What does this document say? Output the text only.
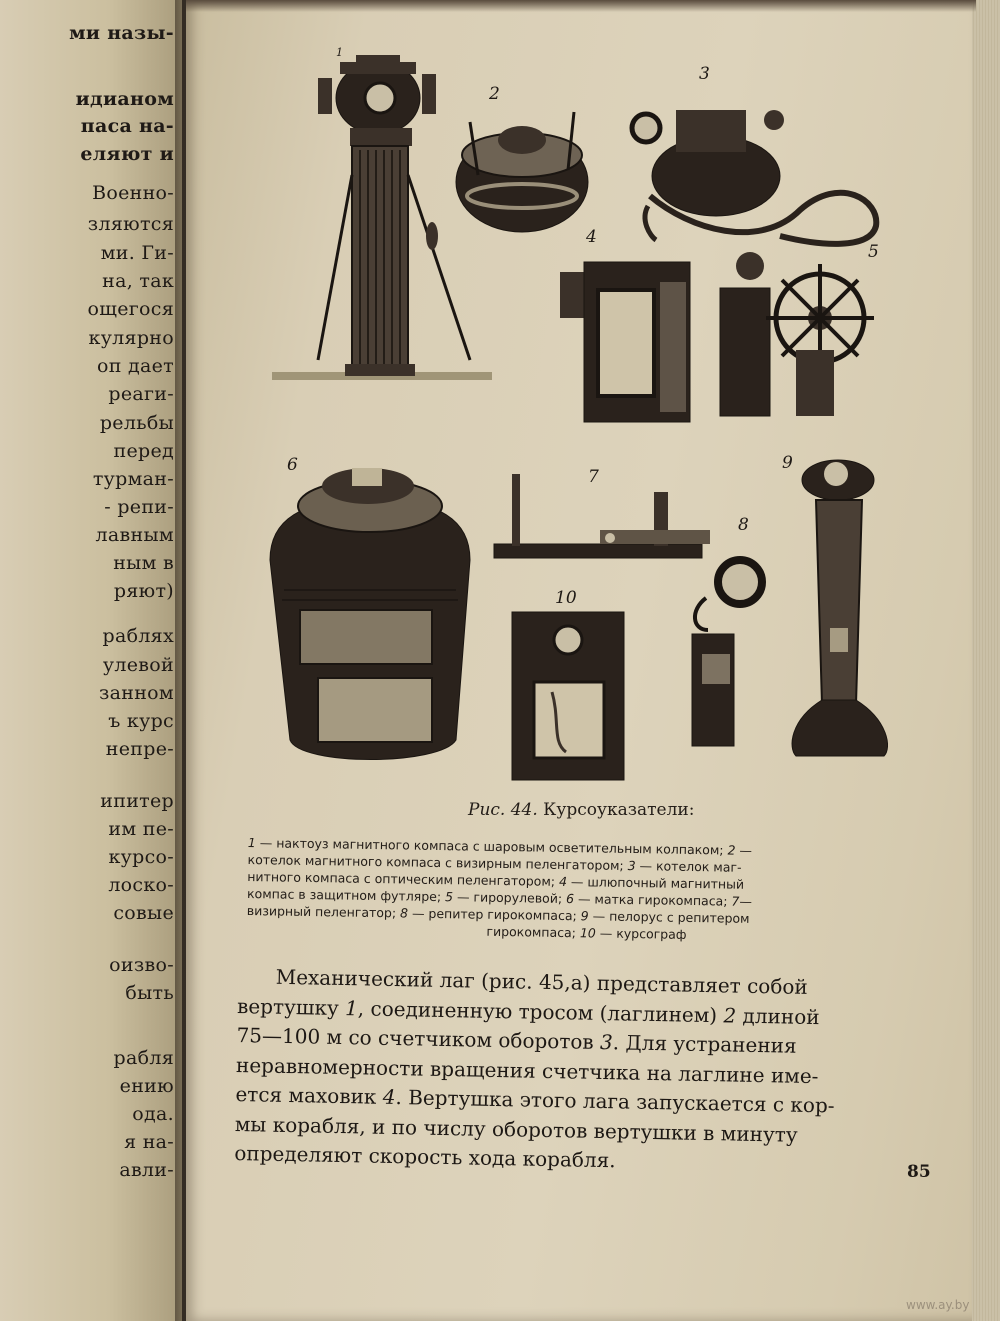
ми назы-
идианом
паса на-
еляют и
Военно-
зляются
ми. Ги-
на, так
ощегося
кулярно
оп дает
реаги-
рельбы
перед
турман-
- репи-
лавным
ным в
ряют)
раблях
улевой
занном
ъ курс
непре-
ипитер
им пе-
курсо-
лоско-
совые
оизво-
быть
рабля
ению
ода.
я на-
авли-
1
2
3
4
5
6
7
8
9
10
Рис. 44. Курсоуказатели:
1 — нактоуз магнитного компаса с шаровым осветительным колпаком; 2 —
котелок магнитного компаса с визирным пеленгатором; 3 — котелок маг-
нитного компаса с оптическим пеленгатором; 4 — шлюпочный магнитный
компас в защитном футляре; 5 — гирорулевой; 6 — матка гирокомпаса; 7—
визирный пеленгатор; 8 — репитер гирокомпаса; 9 — пелорус с репитером
гирокомпаса; 10 — курсограф
Механический лаг (рис. 45,а) представляет собой
вертушку 1, соединенную тросом (лаглинем) 2 длиной
75—100 м со счетчиком оборотов 3. Для устранения
неравномерности вращения счетчика на лаглине име-
ется маховик 4. Вертушка этого лага запускается с кор-
мы корабля, и по числу оборотов вертушки в минуту
определяют скорость хода корабля.	85
www.ay.by
